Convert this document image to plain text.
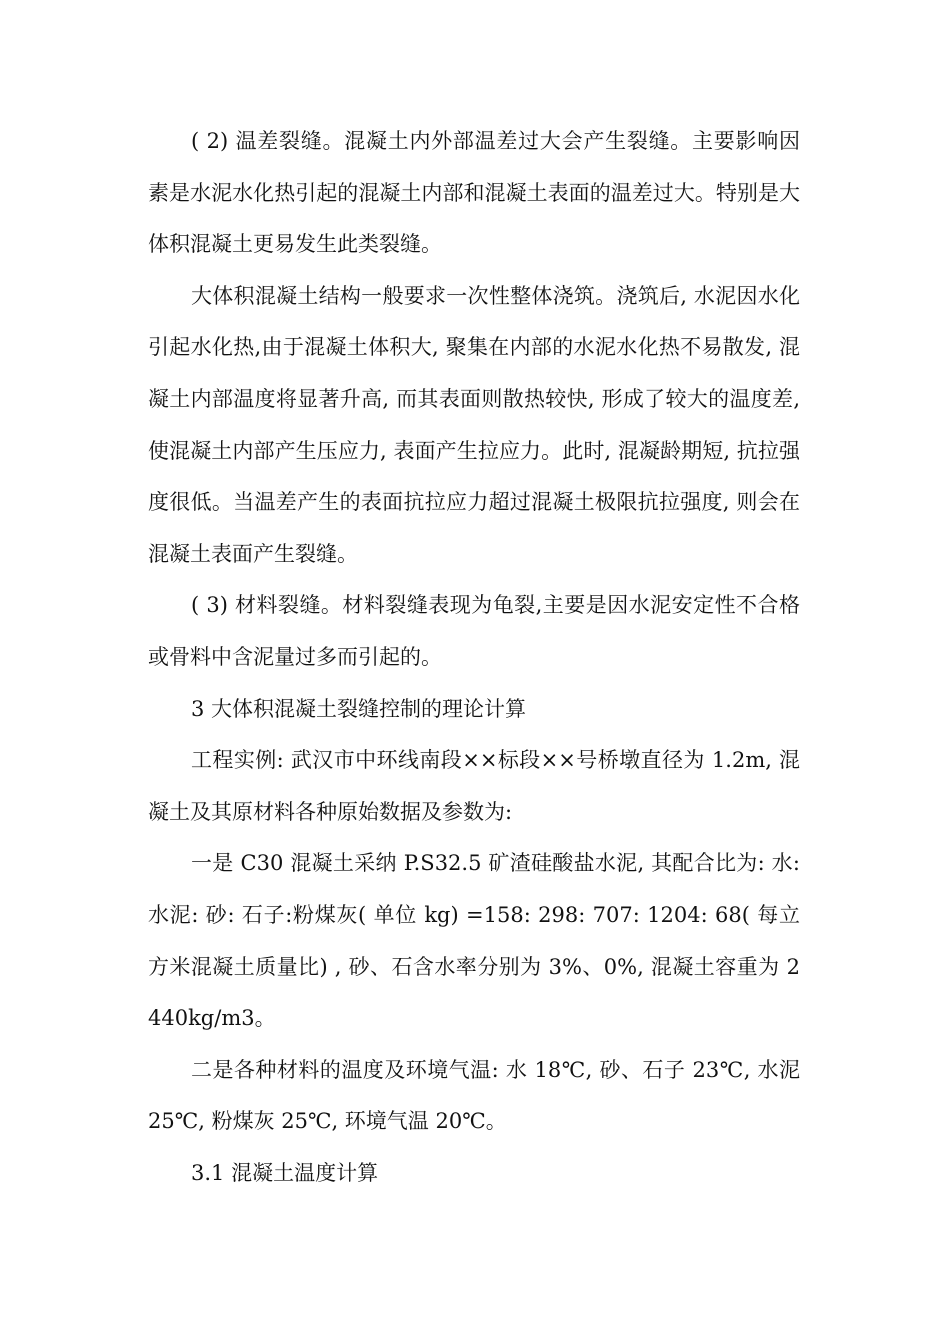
( 2) 温差裂缝。混凝土内外部温差过大会产生裂缝。主要影响因素是水泥水化热引起的混凝土内部和混凝土表面的温差过大。特别是大体积混凝土更易发生此类裂缝。

大体积混凝土结构一般要求一次性整体浇筑。浇筑后, 水泥因水化引起水化热,由于混凝土体积大, 聚集在内部的水泥水化热不易散发, 混凝土内部温度将显著升高, 而其表面则散热较快, 形成了较大的温度差, 使混凝土内部产生压应力, 表面产生拉应力。此时, 混凝龄期短, 抗拉强度很低。当温差产生的表面抗拉应力超过混凝土极限抗拉强度, 则会在混凝土表面产生裂缝。

( 3) 材料裂缝。材料裂缝表现为龟裂,主要是因水泥安定性不合格或骨料中含泥量过多而引起的。

3 大体积混凝土裂缝控制的理论计算

工程实例: 武汉市中环线南段××标段××号桥墩直径为 1.2m, 混凝土及其原材料各种原始数据及参数为:

一是 C30 混凝土采纳 P.S32.5 矿渣硅酸盐水泥, 其配合比为: 水: 水泥: 砂: 石子:粉煤灰( 单位 kg) =158: 298: 707: 1204: 68( 每立方米混凝土质量比) , 砂、石含水率分别为 3%、0%, 混凝土容重为 2 440kg/m3。

二是各种材料的温度及环境气温: 水 18℃, 砂、石子 23℃, 水泥 25℃, 粉煤灰 25℃, 环境气温 20℃。

3.1 混凝土温度计算
